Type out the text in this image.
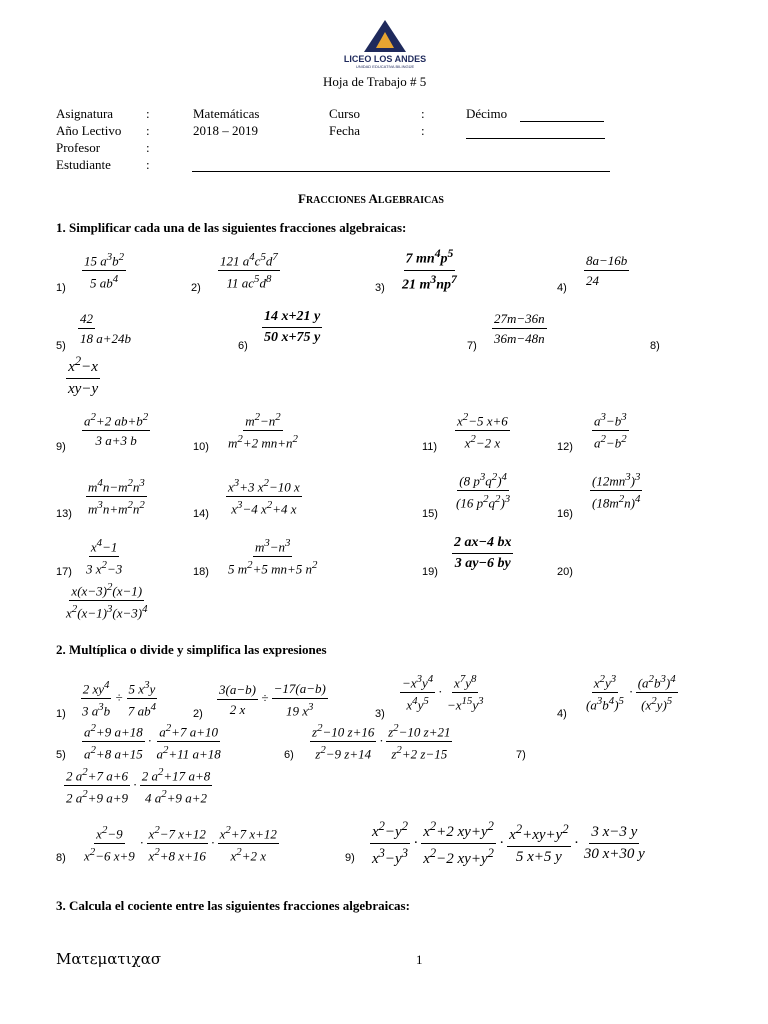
LICEO LOS ANDES
UNIDAD EDUCATIVA BILINGÜE
Hoja de Trabajo # 5
Asignatura	:	Matemáticas	Curso	:	Décimo
Año Lectivo :	2018 – 2019	Fecha	:
Profesor	:
Estudiante	:
FRACCIONES ALGEBRAICAS
1. Simplificar cada una de las siguientes fracciones algebraicas:
$1) \frac{15 a^3b^2}{5 ab^4}$	$2) \frac{121 a^4c^5d^7}{11 ac^5d^8}$	$3) \frac{7 mn^4p^5}{21 m^3np^7}$	4)
$\frac{8a-16b}{24}$
5)
$\frac{42}{18 a+24b}$
6)
$\frac{14 x+21 y}{50 x+75 y}$
7)
$\frac{27m-36n}{36m-48n}$
8)
$\frac{x^2-x}{xy-y}$
$9) \frac{a^2+2 ab+b^2}{3 a+3 b}$	$10) \frac{m^2-n^2}{m^2+2 mn+n^2}$	$11) \frac{x^2-5 x+6}{x^2-2 x}$	$12) \frac{a^3-b^3}{a^2-b^2}$
$13) \frac{m^4n-m^2n^3}{m^3n+m^2n^2}$	$14) \frac{x^3+3 x^2-10 x}{x^3-4 x^2+4 x}$	15)
$\frac{(8 p^3q^2)^4}{(16 p^2q^2)^3}$
16)
$\frac{(12mn^3)^3}{(18m^2n)^4}$
$17) \frac{x^4-1}{3 x^2-3}$	$18) \frac{m^3-n^3}{5 m^2+5 mn+5 n^2}$	19)
$\frac{2 ax-4 bx}{3 ay-6 by}$
20)
$\frac{x(x-3)^2(x-1)}{x^2(x-1)^3(x-3)^4}$
2. Multíplica o divide y simplifica las expresiones
$1) \frac{2 xy^4}{3 a^3b} \div \frac{5 x^3y}{7 ab^4}$	$2) \frac{3(a-b)}{2 x} \div \frac{-17(a-b)}{19 x^3}$	3)
$\frac{-x^3y^4}{x^4y^5} \cdot \frac{x^7y^8}{-x^{15}y^3}$
4)
$\frac{x^2y^3}{(a^3b^4)^5} \cdot \frac{(a^2b^3)^4}{(x^2y)^5}$
$5) \frac{a^2+9 a+18}{a^2+8 a+15} \cdot \frac{a^2+7 a+10}{a^2+11 a+18}$	$6) \frac{z^2-10 z+16}{z^2-9 z+14} \cdot \frac{z^2-10 z+21}{z^2+2 z-15}$	7)
$\frac{2 a^2+7 a+6}{2 a^2+9 a+9} \cdot \frac{2 a^2+17 a+8}{4 a^2+9 a+2}$
$8) \frac{x^2-9}{x^2-6 x+9} \cdot \frac{x^2-7 x+12}{x^2+8 x+16} \cdot \frac{x^2+7 x+12}{x^2+2 x}$	$9) \frac{x^2-y^2}{x^3-y^3} \cdot \frac{x^2+2 xy+y^2}{x^2-2 xy+y^2} \cdot \frac{x^2+xy+y^2}{5 x+5 y} \cdot \frac{3 x-3 y}{30 x+30 y}$
3. Calcula el cociente entre las siguientes fracciones algebraicas:
Ματεματιχασ	1
